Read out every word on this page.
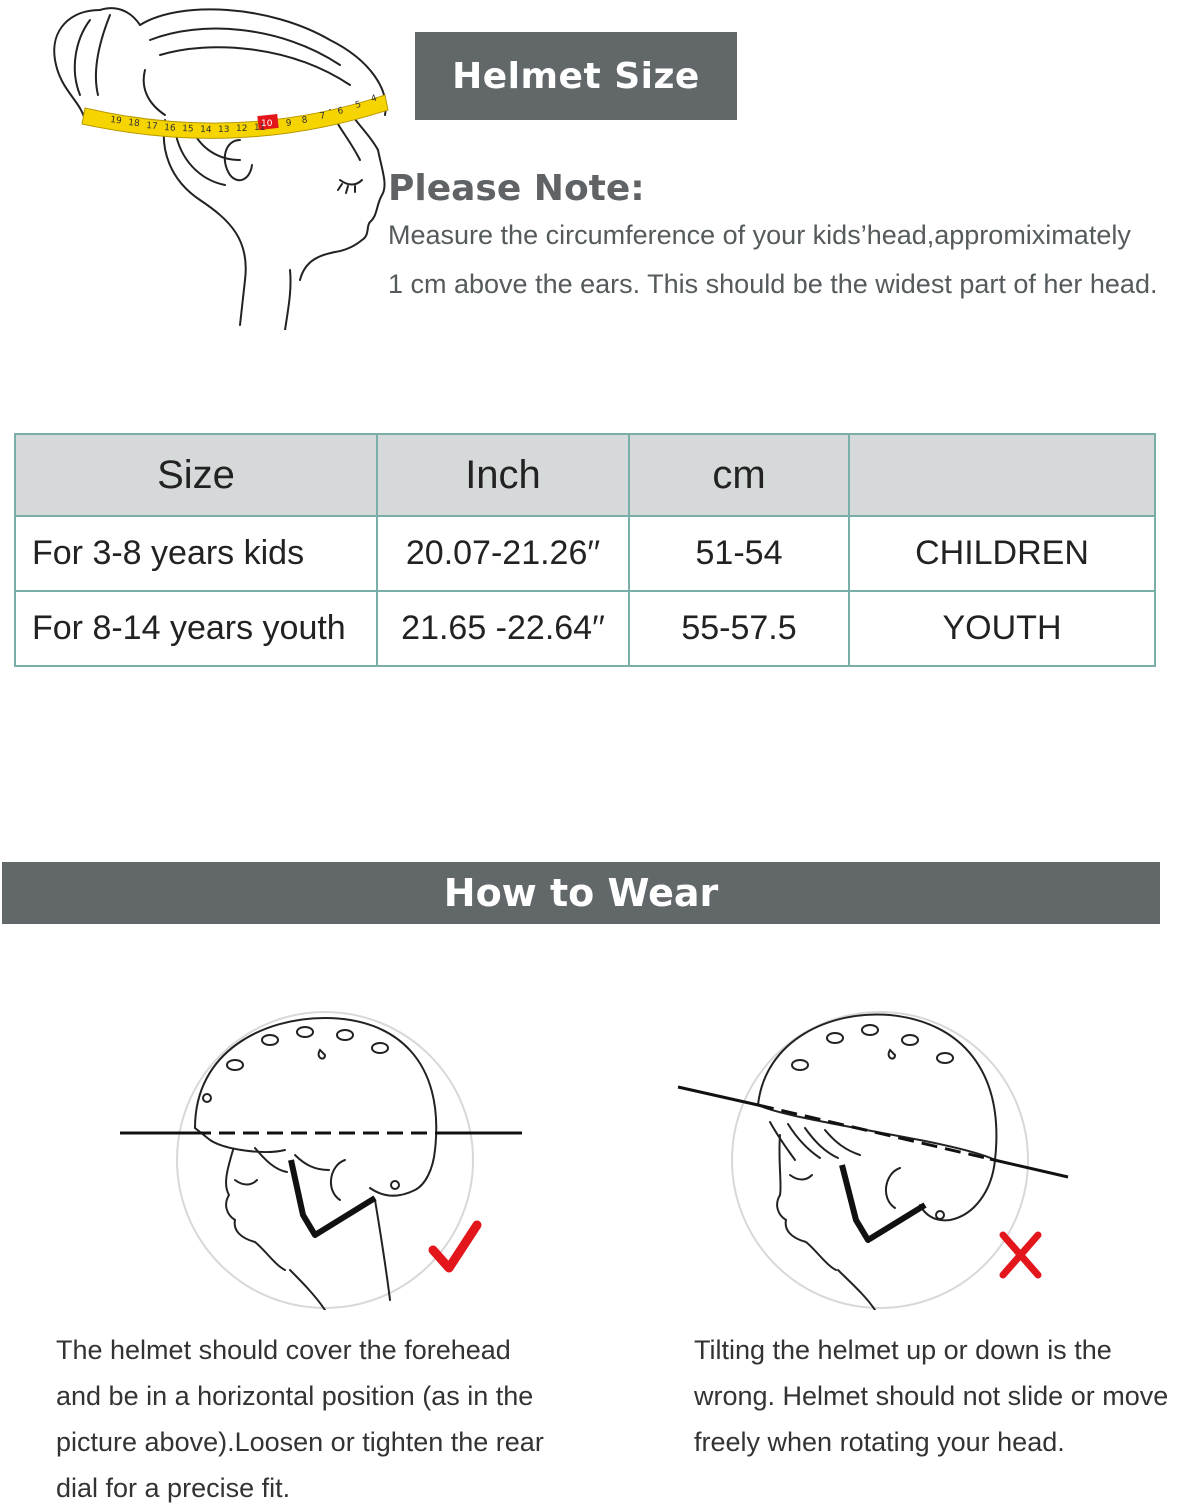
19 18 17 16 15 14 13 12 11
10 9 8 7 6
5
4
Helmet Size
Please Note:
Measure the circumference of your kids’head,appromiximately
1 cm above the ears. This should be the widest part of her head.
Size	Inch	cm	
For 3-8 years kids	20.07-21.26′′	51-54	CHILDREN
For 8-14 years youth	21.65 -22.64′′	55-57.5	YOUTH
How to Wear
The helmet should cover the forehead
and be in a horizontal position (as in the
picture above).Loosen or tighten the rear
dial for a precise fit.
Tilting the helmet up or down is the
wrong. Helmet should not slide or move
freely when rotating your head.
